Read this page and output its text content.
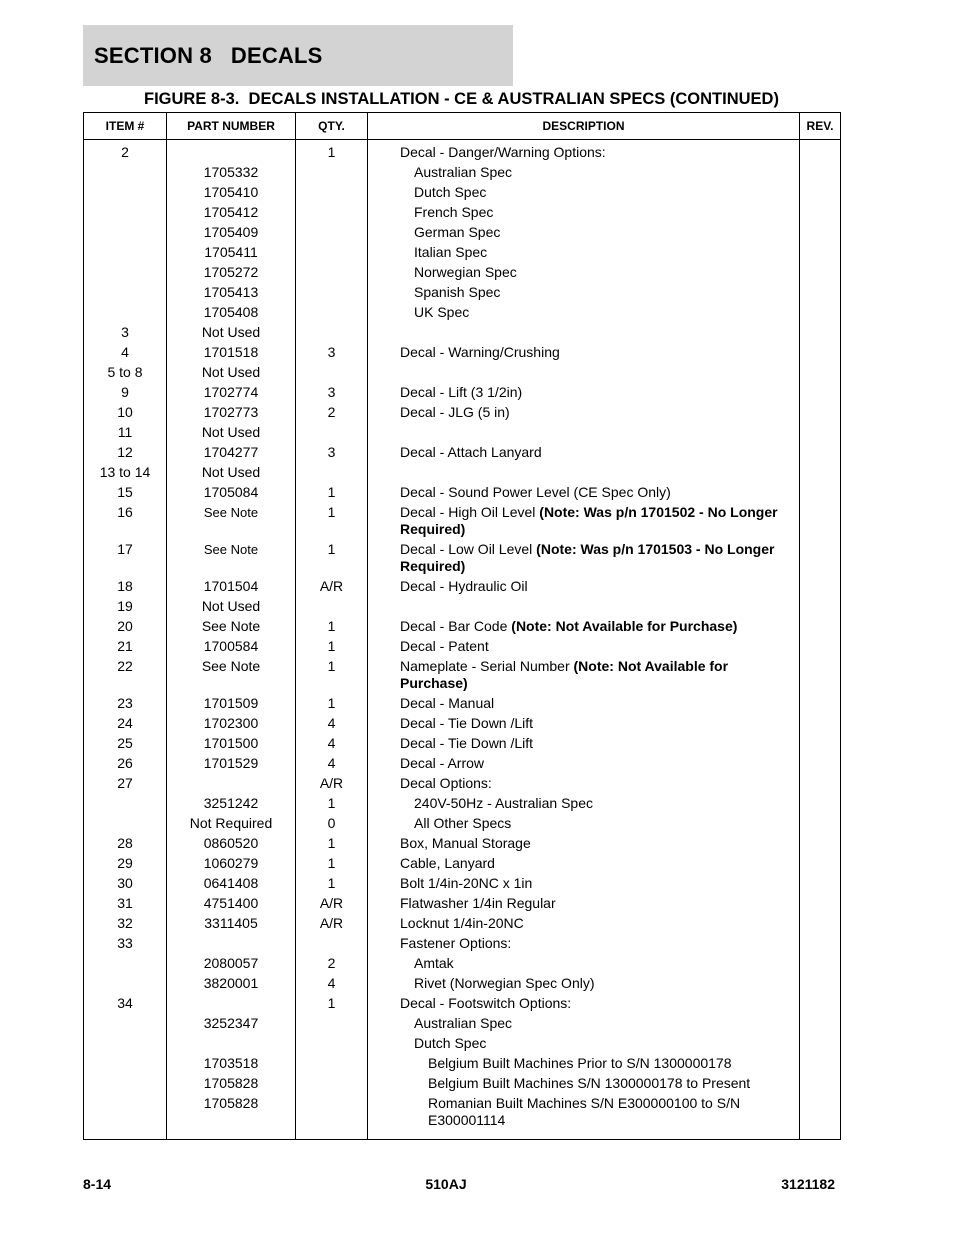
SECTION 8   DECALS
FIGURE 8-3.  DECALS INSTALLATION - CE & AUSTRALIAN SPECS (CONTINUED)
ITEM #	PART NUMBER	QTY.	DESCRIPTION	REV.
2		1	Decal - Danger/Warning Options:	

	1705332		Australian Spec	

	1705410		Dutch Spec	

	1705412		French Spec	

	1705409		German Spec	

	1705411		Italian Spec	

	1705272		Norwegian Spec	

	1705413		Spanish Spec	

	1705408		UK Spec	

3	Not Used		

4	1701518	3	Decal - Warning/Crushing	

5 to 8	Not Used		

9	1702774	3	Decal - Lift (3 1/2in)	

10	1702773	2	Decal - JLG (5 in)	

11	Not Used		

12	1704277	3	Decal - Attach Lanyard	

13 to 14	Not Used		

15	1705084	1	Decal - Sound Power Level (CE Spec Only)	

16	See Note	1	Decal - High Oil Level (Note: Was p/n 1701502 - No Longer Required)	

17	See Note	1	Decal - Low Oil Level (Note: Was p/n 1701503 - No Longer Required)	

18	1701504	A/R	Decal - Hydraulic Oil	

19	Not Used		

20	See Note	1	Decal - Bar Code (Note: Not Available for Purchase)	

21	1700584	1	Decal - Patent	

22	See Note	1	Nameplate - Serial Number (Note: Not Available for Purchase)	

23	1701509	1	Decal - Manual	

24	1702300	4	Decal - Tie Down /Lift	

25	1701500	4	Decal - Tie Down /Lift	

26	1701529	4	Decal - Arrow	

27		A/R	Decal Options:	

	3251242	1	240V-50Hz - Australian Spec	

	Not Required	0	All Other Specs	

28	0860520	1	Box, Manual Storage	

29	1060279	1	Cable, Lanyard	

30	0641408	1	Bolt 1/4in-20NC x 1in	

31	4751400	A/R	Flatwasher 1/4in Regular	

32	3311405	A/R	Locknut 1/4in-20NC	

33			Fastener Options:	

	2080057	2	Amtak	

	3820001	4	Rivet (Norwegian Spec Only)	

34		1	Decal - Footswitch Options:	

	3252347		Australian Spec	

			Dutch Spec	

	1703518		Belgium Built Machines Prior to S/N 1300000178	

	1705828		Belgium Built Machines S/N 1300000178 to Present	

	1705828		Romanian Built Machines S/N E300000100 to S/N E300001114	

8-14	510AJ	3121182
